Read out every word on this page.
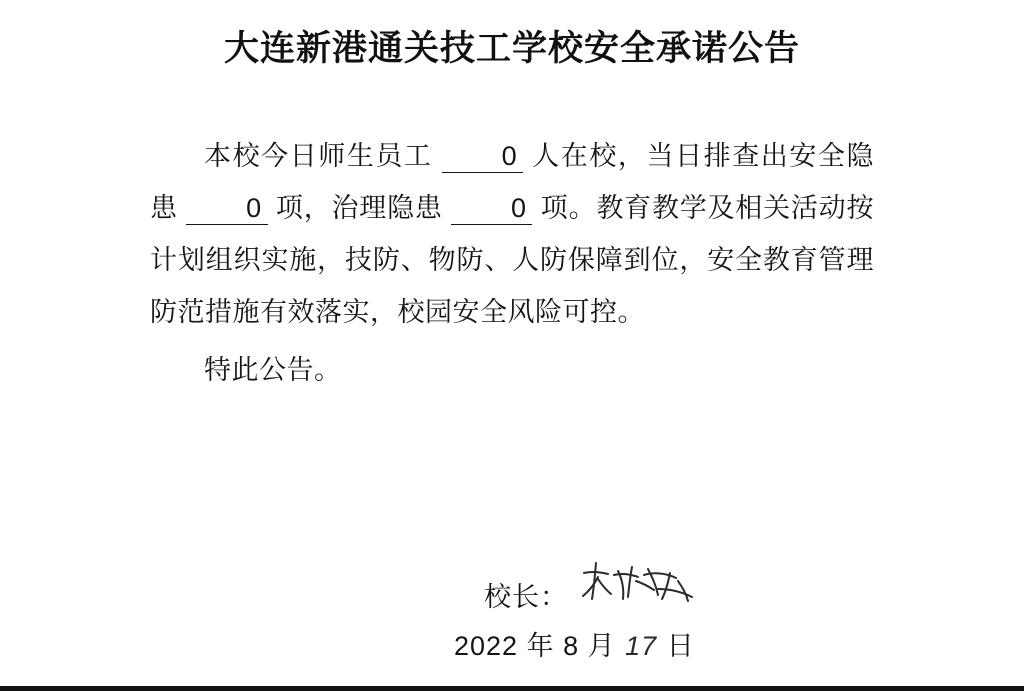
大连新港通关技工学校安全承诺公告

本校今日师生员工 0 人在校，当日排查出安全隐患 0 项，治理隐患 0 项。教育教学及相关活动按计划组织实施，技防、物防、人防保障到位，安全教育管理防范措施有效落实，校园安全风险可控。

特此公告。

校长：
2022 年 8 月 17 日
